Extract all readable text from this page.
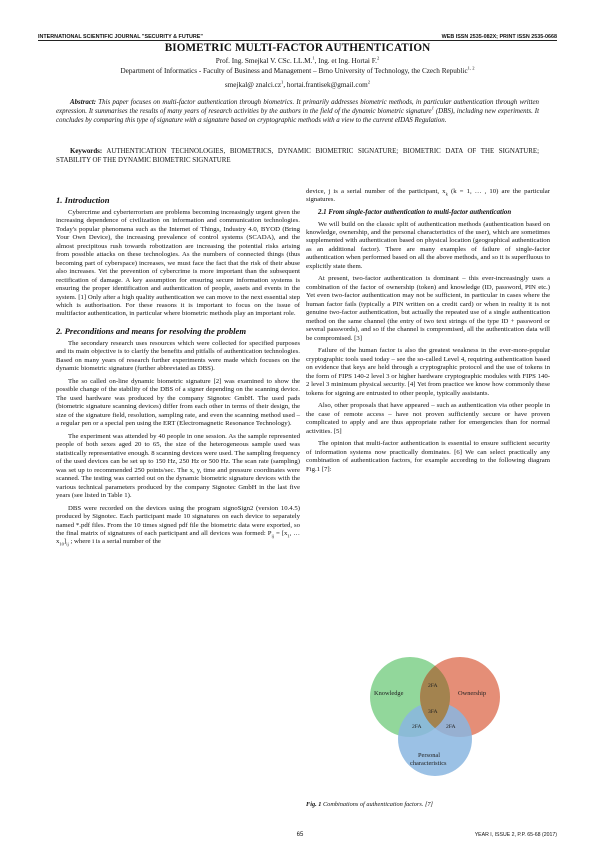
INTERNATIONAL SCIENTIFIC JOURNAL "SECURITY & FUTURE"	WEB ISSN 2535-082X; PRINT ISSN 2535-0668
BIOMETRIC MULTI-FACTOR AUTHENTICATION
Prof. Ing. Smejkal V. CSc. LL.M.$^1$, Ing. et Ing. Hortai F.$^2$
Department of Informatics - Faculty of Business and Management – Brno University of Technology, the Czech Republic$^{1, 2}$
smejkal@ $znalci.cz^1$, hortai.frantisek@gmail.com$^2$
Abstract: This paper focuses on multi-factor authentication through biometrics. It primarily addresses biometric methods, in particular authentication through written expression. It summarises the results of many years of research activities by the authors in the field of the dynamic biometric signature$^1$ (DBS), including new experiments. It concludes by comparing this type of signature with a signature based on cryptographic methods with a view to the current eIDAS Regulation.
Keywords: AUTHENTICATION TECHNOLOGIES, BIOMETRICS, DYNAMIC BIOMETRIC SIGNATURE; BIOMETRIC DATA OF THE SIGNATURE; STABILITY OF THE DYNAMIC BIOMETRIC SIGNATURE
1. Introduction

Cybercrime and cyberterrorism are problems becoming increasingly urgent given the increasing dependence of civilization on information and communication technologies. Today's popular phenomena such as the Internet of Things, Industry 4.0, BYOD (Bring Your Own Device), the increasing prevalence of control systems (SCADA), and the almost precipitous rush towards robotization are increasing the potential risks arising from possible attacks on these technologies. As the numbers of connected things (thus becoming part of cyberspace) increases, we must face the fact that the risk of their abuse also increases. Yet the prevention of cybercrime is more important than the subsequent rectification of damage. A key assumption for ensuring secure information systems is ensuring the proper identification and authentication of people, assets and events in the system. [1] Only after a high quality authentication we can move to the next essential step which is authorisation. For these reasons it is important to focus on the issue of multifactor authentication, in particular where biometric methods play an important role.

2. Preconditions and means for resolving the problem

The secondary research uses resources which were collected for specified purposes and its main objective is to clarify the benefits and pitfalls of authentication technologies. Based on many years of research further experiments were made which focuses on the dynamic biometric signature (further abbreviated as DBS).

The so called on-line dynamic biometric signature [2] was examined to show the possible change of the stability of the DBS of a signer depending on the scanning device. The used hardware was produced by the company Signotec GmbH. The used pads (biometric signature scanning devices) differ from each other in terms of their design, the size of the signature field, resolution, sampling rate, and even the scanning method used – a regular pen or a special pen using the ERT (Electromagnetic Resonance Technology).

The experiment was attended by 40 people in one session. As the sample represented people of both sexes aged 20 to 65, the size of the heterogeneous sample used was statistically representative enough. 8 scanning devices were used. The sampling frequency of the used devices can be set up to 150 Hz, 250 Hz or 500 Hz. The scan rate (sampling) was set up to recommended 250 points/sec. The x, y, time and pressure coordinates were scanned. The testing was carried out on the dynamic biometric signature devices with the various technical parameters produced by the company Signotec GmbH in the last five years (see listed in Table 1).

DBS were recorded on the devices using the program signoSign2 (version 10.4.5) produced by Signotec. Each participant made 10 signatures on each device to separately named *.pdf files. From the 10 times signed pdf file the biometric data were exported, so the final matrix of signatures of each participant and all devices was formed: $P_{ij} = [x_1$, … $x_{10}]_{ij}$ ; where i is a serial number of the

device, j is a serial number of the participant, $x_k$ (k = 1, … , 10) are the particular signatures.

2.1 From single-factor authentication to multi-factor authentication

We will build on the classic split of authentication methods (authentication based on knowledge, ownership, and the personal characteristics of the user), which are sometimes supplemented with authentication based on physical location (geographical authentication as an additional factor). There are many examples of failure of single-factor authentication when performed based on all the above methods, and so it is superfluous to explicitly state them.

At present, two-factor authentication is dominant – this ever-increasingly uses a combination of the factor of ownership (token) and knowledge (ID, password, PIN etc.) Yet even two-factor authentication may not be sufficient, in particular in cases where the human factor fails (typically a PIN written on a credit card) or when in reality it is not genuine two-factor authentication, but actually the repeated use of a single authentication method on the same channel (the entry of two text strings of the type ID + password or several passwords), and so if the channel is compromised, all the authentication data will be compromised. [3]

Failure of the human factor is also the greatest weakness in the ever-more-popular cryptographic tools used today – see the so-called Level 4, requiring authentication based on evidence that keys are held through a cryptographic protocol and the use of tokens in the form of FIPS 140-2 level 3 or higher hardware cryptographic modules with FIPS 140-2 level 3 minimum physical security. [4] Yet from practice we know how commonly these tokens for signing are entrusted to other people, typically assistants.

Also, other proposals that have appeared – such as authentication via other people in the case of remote access – have not proven sufficiently secure or have proven complicated to apply and are thus appropriate rather for emergencies than for normal activities. [5]

The opinion that multi-factor authentication is essential to ensure sufficient security of information systems now practically dominates. [6] We can select practically any combination of authentication factors, for example according to the following diagram Fig.1 [7]:

Knowledge	Ownership
Personal
characteristics
2FA
3FA
2FA	2FA
Fig. 1 Combinations of authentication factors. [7]
65	YEAR I, ISSUE 2, P.P. 65-68 (2017)
